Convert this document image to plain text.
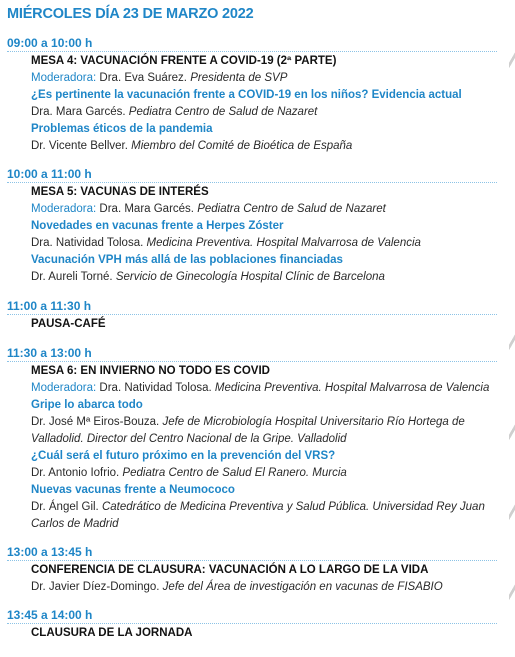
MIÉRCOLES DÍA 23 DE MARZO 2022
09:00 a 10:00 h
MESA 4: VACUNACIÓN FRENTE A COVID-19 (2ª PARTE)
Moderadora: Dra. Eva Suárez. Presidenta de SVP
¿Es pertinente la vacunación frente a COVID-19 en los niños? Evidencia actual
Dra. Mara Garcés. Pediatra Centro de Salud de Nazaret
Problemas éticos de la pandemia
Dr. Vicente Bellver. Miembro del Comité de Bioética de España
10:00 a 11:00 h
MESA 5: VACUNAS DE INTERÉS
Moderadora: Dra. Mara Garcés. Pediatra Centro de Salud de Nazaret
Novedades en vacunas frente a Herpes Zóster
Dra. Natividad Tolosa. Medicina Preventiva. Hospital Malvarrosa de Valencia
Vacunación VPH más allá de las poblaciones financiadas
Dr. Aureli Torné. Servicio de Ginecología Hospital Clínic de Barcelona
11:00 a 11:30 h
PAUSA-CAFÉ
11:30 a 13:00 h
MESA 6: EN INVIERNO NO TODO ES COVID
Moderadora: Dra. Natividad Tolosa. Medicina Preventiva. Hospital Malvarrosa de Valencia
Gripe lo abarca todo
Dr. José Mª Eiros-Bouza. Jefe de Microbiología Hospital Universitario Río Hortega de Valladolid. Director del Centro Nacional de la Gripe. Valladolid
¿Cuál será el futuro próximo en la prevención del VRS?
Dr. Antonio Iofrio. Pediatra Centro de Salud El Ranero. Murcia
Nuevas vacunas frente a Neumococo
Dr. Ángel Gil. Catedrático de Medicina Preventiva y Salud Pública. Universidad Rey Juan Carlos de Madrid
13:00 a 13:45 h
CONFERENCIA DE CLAUSURA: VACUNACIÓN A LO LARGO DE LA VIDA
Dr. Javier Díez-Domingo. Jefe del Área de investigación en vacunas de FISABIO
13:45 a 14:00 h
CLAUSURA DE LA JORNADA
